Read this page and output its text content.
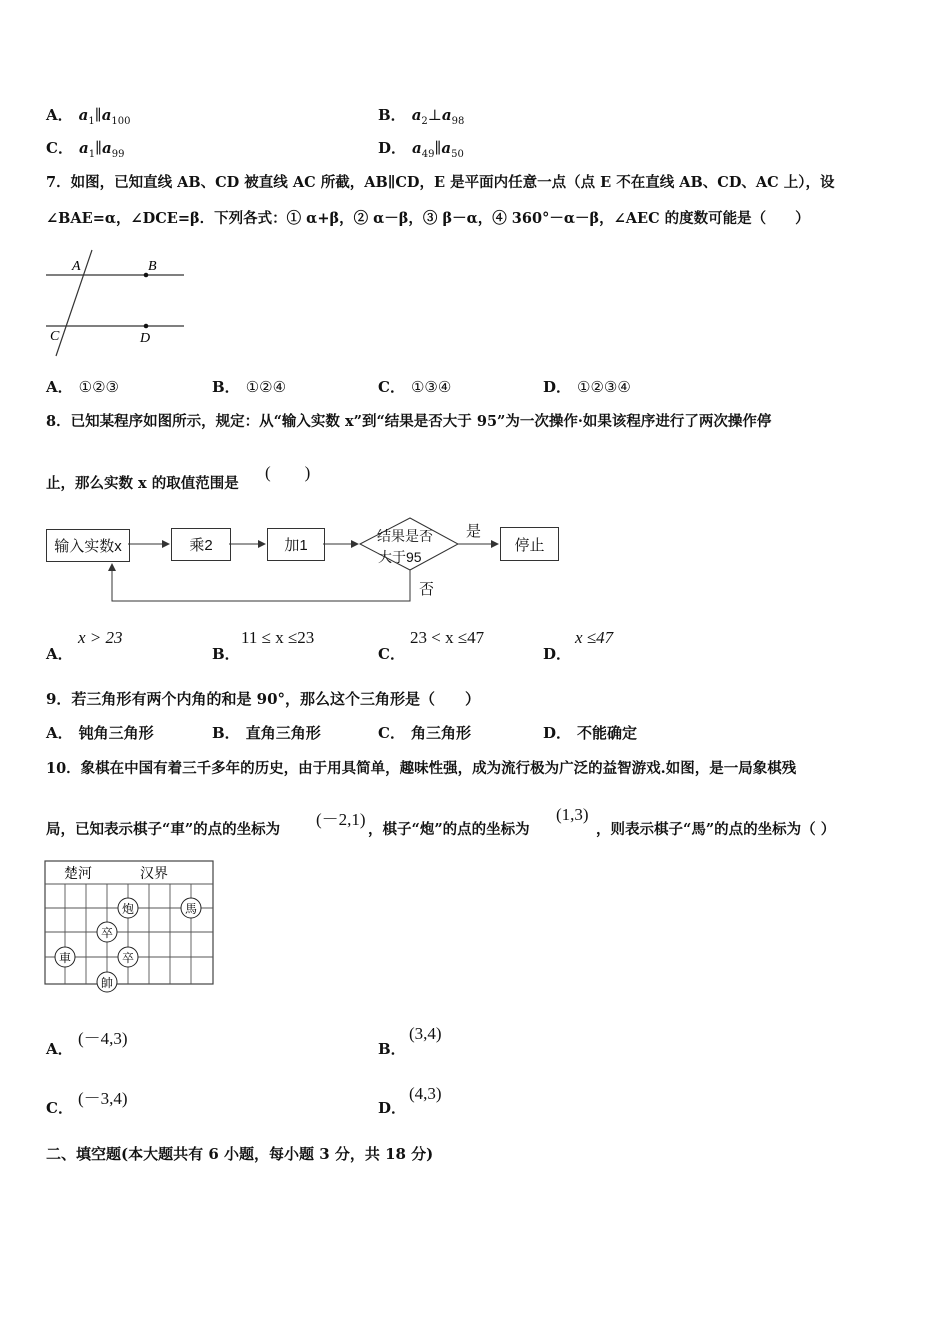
A． $a_1\parallel a_{100}$	B． $a_2\perp a_{98}$
C． $a_1\parallel a_{99}$	D． $a_{49}\parallel a_{50}$
7．如图，已知直线 AB、CD 被直线 AC 所截，AB∥CD，E 是平面内任意一点（点 E 不在直线 AB、CD、AC 上），设
∠BAE=α，∠DCE=β．下列各式：① α+β，② α－β，③ β－α，④ 360°－α－β，∠AEC 的度数可能是（　　）
A	B
C	D
A． ①②③	B． ①②④	C． ①③④	D． ①②③④
8．已知某程序如图所示，规定：从“输入实数 x”到“结果是否大于 95”为一次操作·如果该程序进行了两次操作停
止，那么实数 x 的取值范围是
(　　)
输入实数x	乘2	加1	停止
结果是否
大于95
是
否
A．
x > 23
B．
11 ≤ x ≤23
C．
23 < x ≤47
D．
x ≤47
9．若三角形有两个内角的和是 90°，那么这个三角形是（　　）
A． 钝角三角形	B． 直角三角形	C． 角三角形	D． 不能确定
10．象棋在中国有着三千多年的历史，由于用具简单，趣味性强，成为流行极为广泛的益智游戏.如图，是一局象棋残
局，已知表示棋子“車”的点的坐标为
(－2,1)
，棋子“炮”的点的坐标为
(1,3)
，则表示棋子“馬”的点的坐标为（ ）
楚河	汉界
炮	馬
卒
卒
車
帥
A．
(－4,3)
B．
(3,4)
C． (－3,4)	D．
(4,3)
二、填空题(本大题共有 6 小题，每小题 3 分，共 18 分)
